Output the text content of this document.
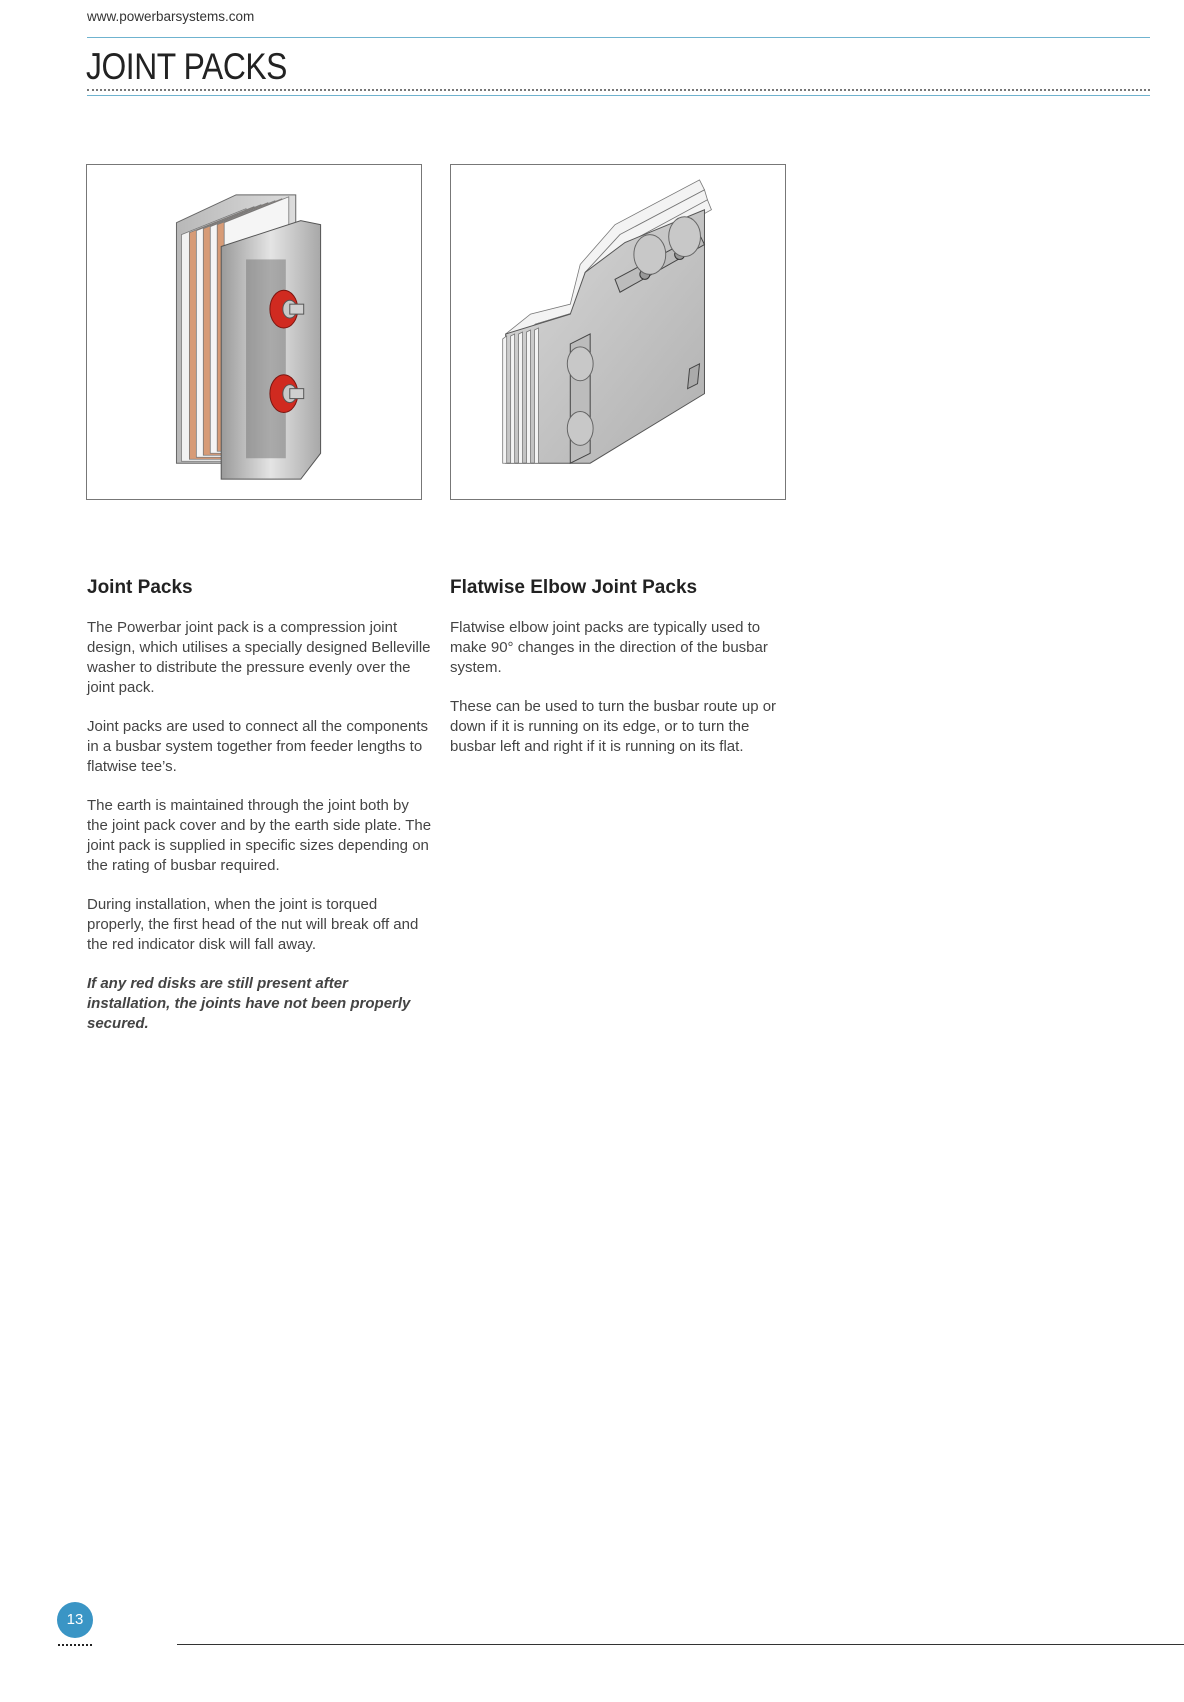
www.powerbarsystems.com
JOINT PACKS
Joint Packs

The Powerbar joint pack is a compression joint design, which utilises a specially designed Belleville washer to distribute the pressure evenly over the joint pack.

Joint packs are used to connect all the components in a busbar system together from feeder lengths to flatwise tee’s.

The earth is maintained through the joint both by the joint pack cover and by the earth side plate. The joint pack is supplied in specific sizes depending on the rating of busbar required.

During installation, when the joint is torqued properly, the first head of the nut will break off and the red indicator disk will fall away.

If any red disks are still present after installation, the joints have not been properly secured.

Flatwise Elbow Joint Packs

Flatwise elbow joint packs are typically used to make 90° changes in the direction of the busbar system.

These can be used to turn the busbar route up or down if it is running on its edge, or to turn the busbar left and right if it is running on its flat.

13
